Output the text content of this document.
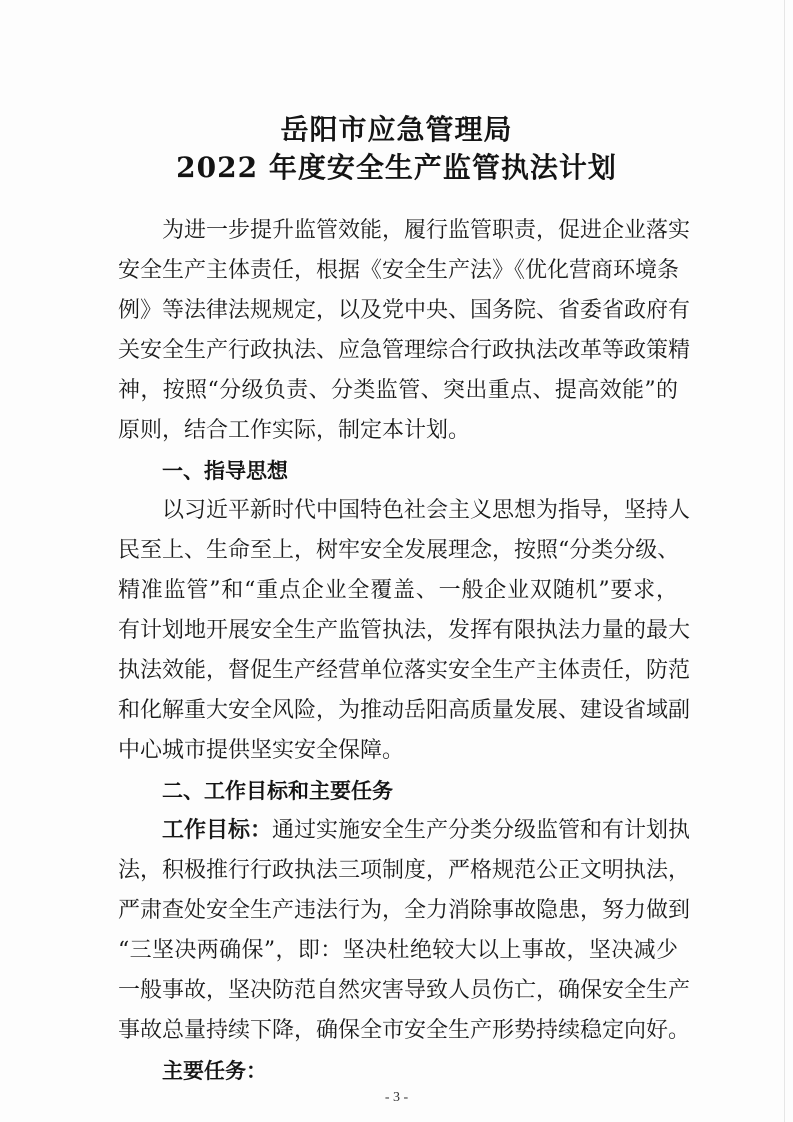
岳阳市应急管理局
2022 年度安全生产监管执法计划
为进一步提升监管效能，履行监管职责，促进企业落实
安全生产主体责任，根据《安全生产法》《优化营商环境条
例》等法律法规规定，以及党中央、国务院、省委省政府有
关安全生产行政执法、应急管理综合行政执法改革等政策精
神，按照“分级负责、分类监管、突出重点、提高效能”的
原则，结合工作实际，制定本计划。
一、指导思想
以习近平新时代中国特色社会主义思想为指导，坚持人
民至上、生命至上，树牢安全发展理念，按照“分类分级、
精准监管”和“重点企业全覆盖、一般企业双随机”要求，
有计划地开展安全生产监管执法，发挥有限执法力量的最大
执法效能，督促生产经营单位落实安全生产主体责任，防范
和化解重大安全风险，为推动岳阳高质量发展、建设省域副
中心城市提供坚实安全保障。
二、工作目标和主要任务
工作目标：通过实施安全生产分类分级监管和有计划执
法，积极推行行政执法三项制度，严格规范公正文明执法，
严肃查处安全生产违法行为，全力消除事故隐患，努力做到
“三坚决两确保”，即：坚决杜绝较大以上事故，坚决减少
一般事故，坚决防范自然灾害导致人员伤亡，确保安全生产
事故总量持续下降，确保全市安全生产形势持续稳定向好。
主要任务：
- 3 -
